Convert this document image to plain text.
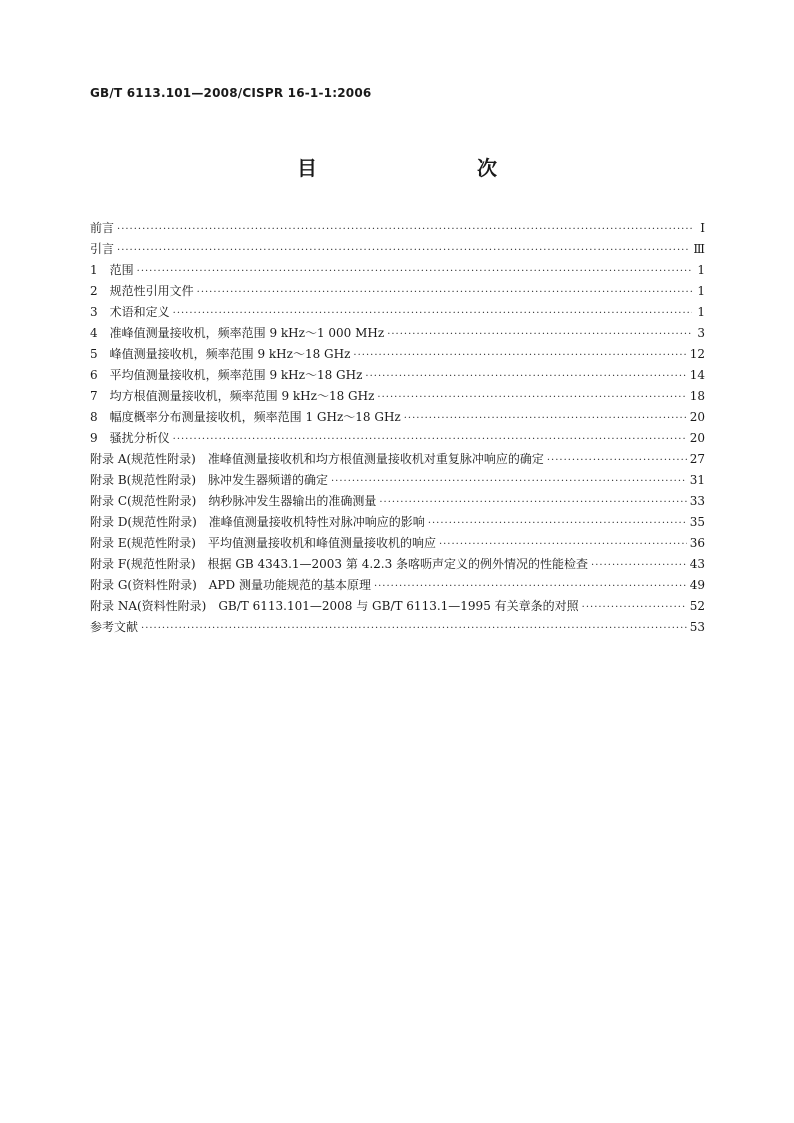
GB/T 6113.101—2008/CISPR 16-1-1:2006
目　　次
前言 ·····	Ⅰ
引言 ·····	Ⅲ
1　范围 ·····	1
2　规范性引用文件 ·····	1
3　术语和定义 ·····	1
4　准峰值测量接收机，频率范围 9 kHz～1 000 MHz ·····	3
5　峰值测量接收机，频率范围 9 kHz～18 GHz ·····	12
6　平均值测量接收机，频率范围 9 kHz～18 GHz ·····	14
7　均方根值测量接收机，频率范围 9 kHz～18 GHz ·····	18
8　幅度概率分布测量接收机，频率范围 1 GHz～18 GHz ·····	20
9　骚扰分析仪 ·····	20
附录 A(规范性附录)　准峰值测量接收机和均方根值测量接收机对重复脉冲响应的确定 ·····	27
附录 B(规范性附录)　脉冲发生器频谱的确定 ·····	31
附录 C(规范性附录)　纳秒脉冲发生器输出的准确测量 ·····	33
附录 D(规范性附录)　准峰值测量接收机特性对脉冲响应的影响 ·····	35
附录 E(规范性附录)　平均值测量接收机和峰值测量接收机的响应 ·····	36
附录 F(规范性附录)　根据 GB 4343.1—2003 第 4.2.3 条喀呖声定义的例外情况的性能检查 ·····	43
附录 G(资料性附录)　APD 测量功能规范的基本原理 ·····	49
附录 NA(资料性附录)　GB/T 6113.101—2008 与 GB/T 6113.1—1995 有关章条的对照 ·····	52
参考文献 ·····	53
